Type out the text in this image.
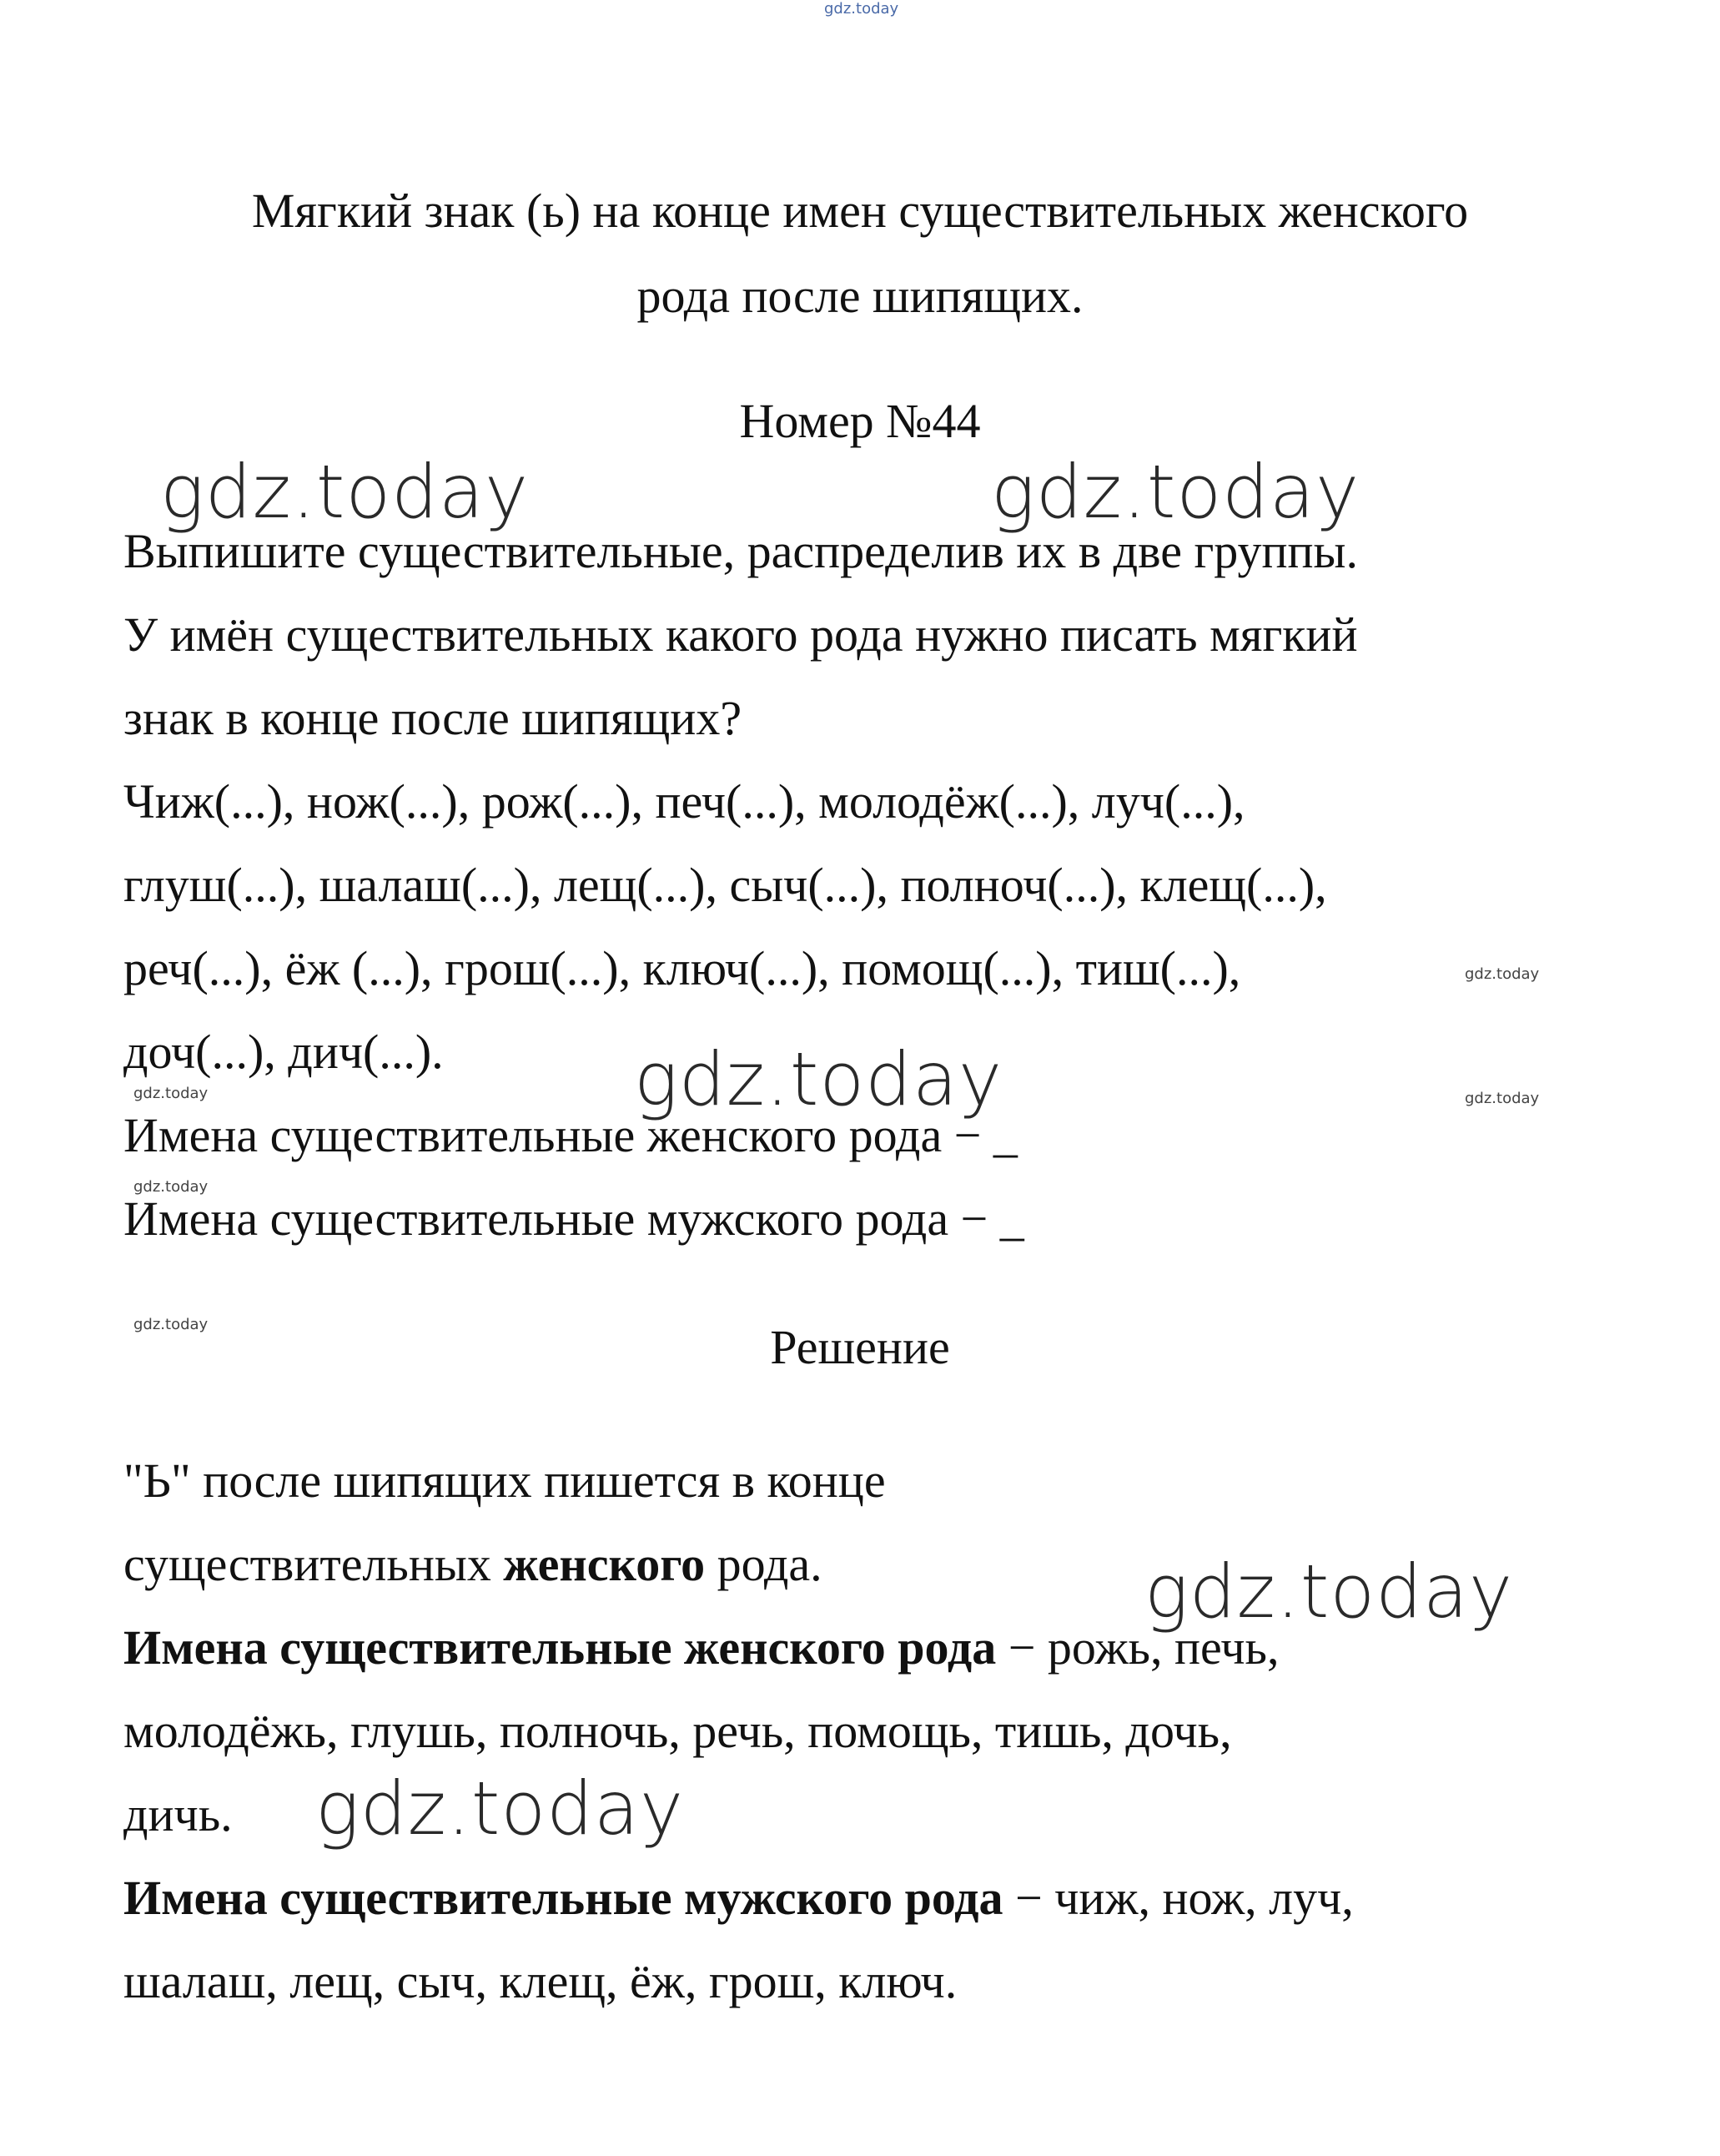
gdz.today
Мягкий знак (ь) на конце имен существительных женского
рода после шипящих.
Номер №44
Выпишите существительные, распределив их в две группы.
У имён существительных какого рода нужно писать мягкий
знак в конце после шипящих?
Чиж(...), нож(...), рож(...), печ(...), молодёж(...), луч(...),
глуш(...), шалаш(...), лещ(...), сыч(...), полноч(...), клещ(...),
реч(...), ёж (...), грош(...), ключ(...), помощ(...), тиш(...),
доч(...), дич(...).
Имена существительные женского рода − _
Имена существительные мужского рода − _
Решение
"Ь" после шипящих пишется в конце
существительных женского рода.
Имена существительные женского рода − рожь, печь,
молодёжь, глушь, полночь, речь, помощь, тишь, дочь,
дичь.
Имена существительные мужского рода − чиж, нож, луч,
шалаш, лещ, сыч, клещ, ёж, грош, ключ.
gdz.today	gdz.today
gdz.today
gdz.today
gdz.today
gdz.today
gdz.today	gdz.today
gdz.today
gdz.today
